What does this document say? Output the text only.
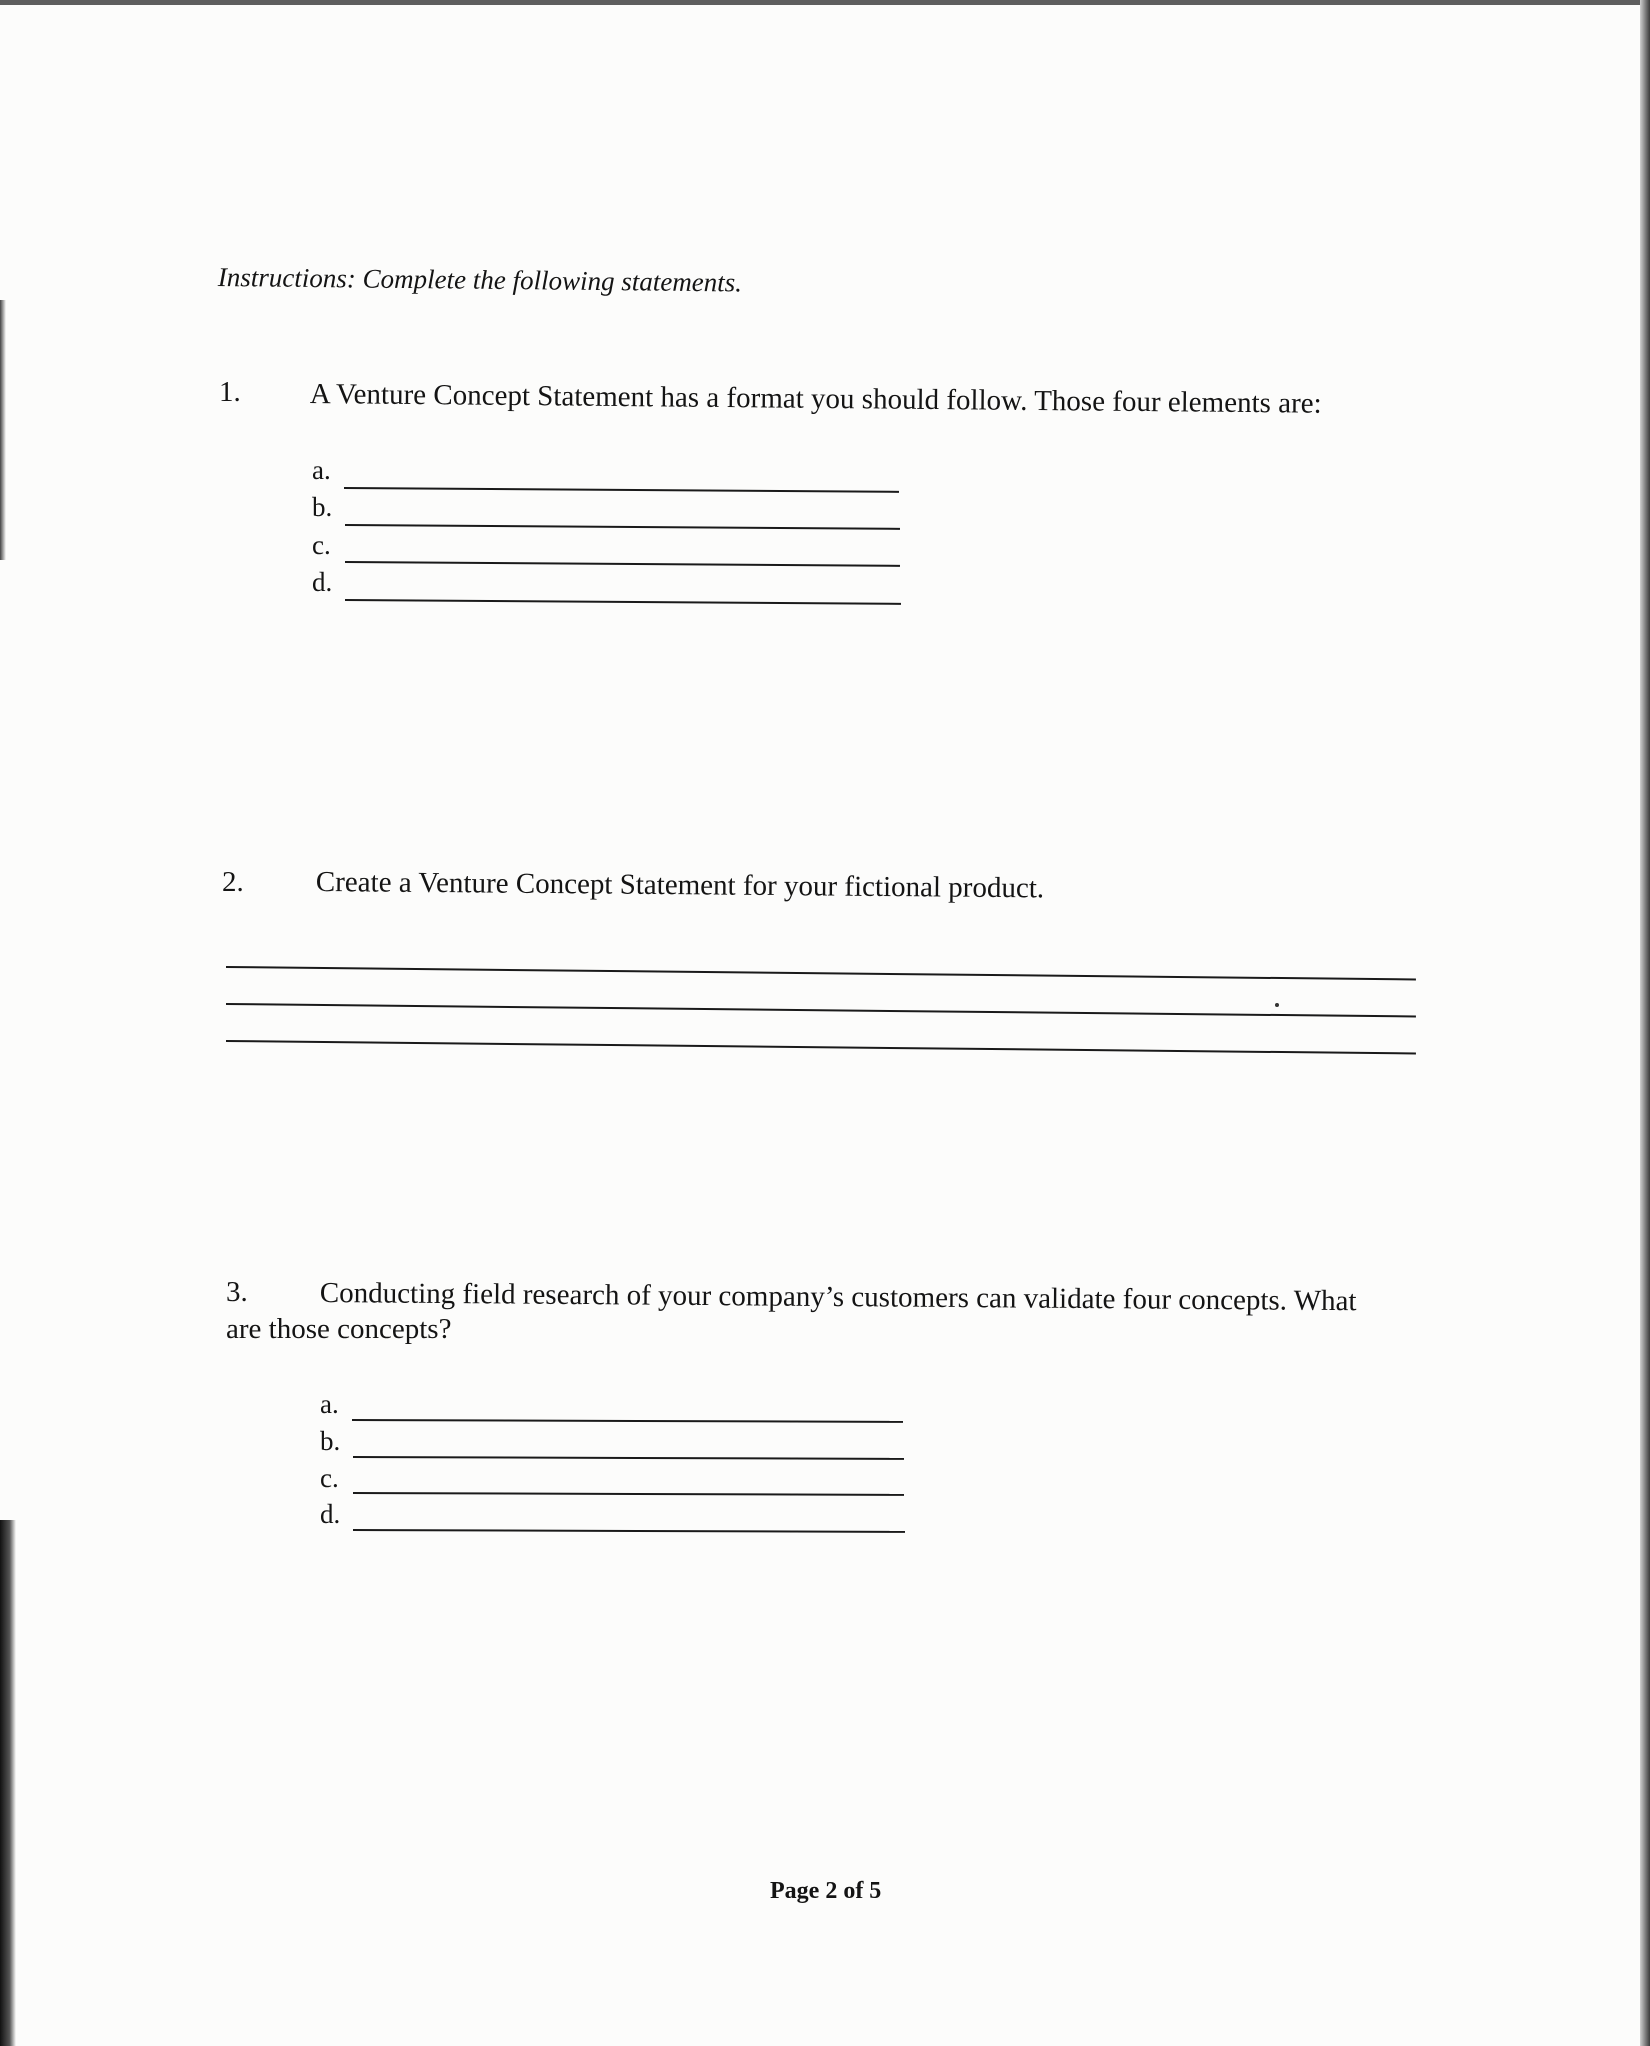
Instructions: Complete the following statements.
1. A Venture Concept Statement has a format you should follow. Those four elements are:
a.
b.
c.
d.
2. Create a Venture Concept Statement for your fictional product.
3. Conducting field research of your company’s customers can validate four concepts. What
are those concepts?
a.
b.
c.
d.
Page 2 of 5
